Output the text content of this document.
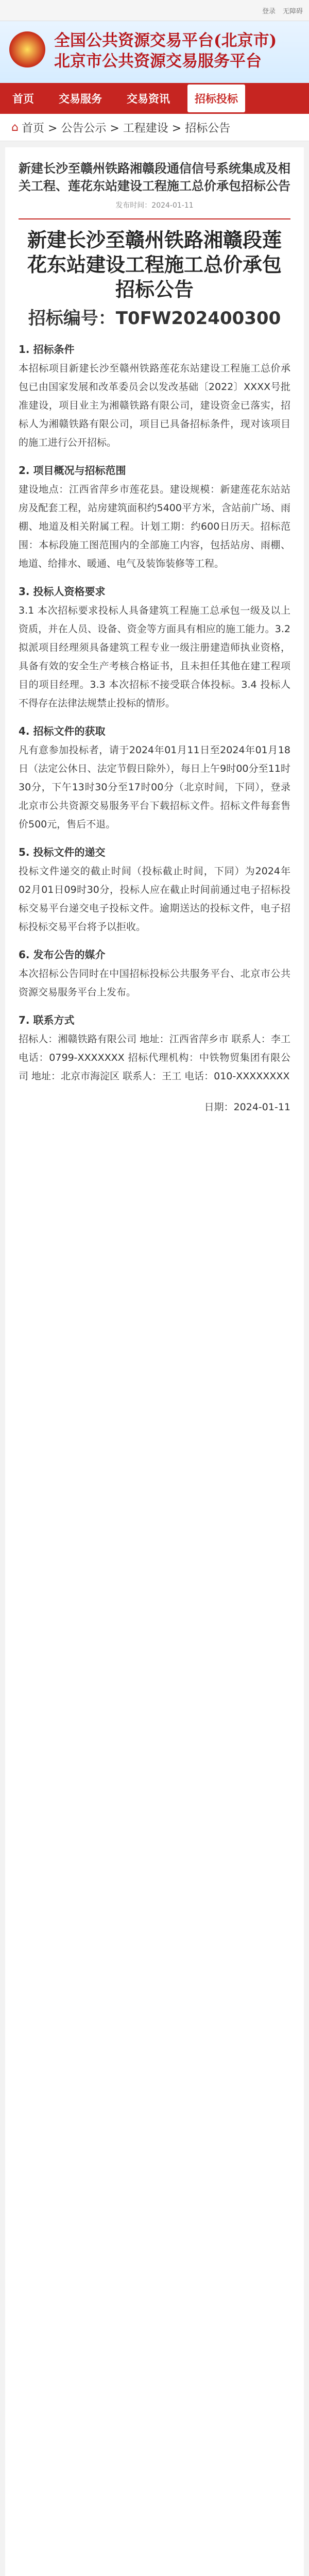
登录 无障碍
全国公共资源交易平台(北京市)
北京市公共资源交易服务平台
首页	交易服务	交易资讯	招标投标
⌂ 首页 > 公告公示 > 工程建设 > 招标公告
新建长沙至赣州铁路湘赣段通信信号系统集成及相关工程、莲花东站建设工程施工总价承包招标公告
发布时间：2024-01-11
新建长沙至赣州铁路湘赣段莲花东站建设工程施工总价承包招标公告
招标编号：T0FW202400300
1. 招标条件

本招标项目新建长沙至赣州铁路莲花东站建设工程施工总价承包已由国家发展和改革委员会以发改基础〔2022〕XXXX号批准建设，项目业主为湘赣铁路有限公司，建设资金已落实，招标人为湘赣铁路有限公司，项目已具备招标条件，现对该项目的施工进行公开招标。

2. 项目概况与招标范围

建设地点：江西省萍乡市莲花县。建设规模：新建莲花东站站房及配套工程，站房建筑面积约5400平方米，含站前广场、雨棚、地道及相关附属工程。计划工期：约600日历天。招标范围：本标段施工图范围内的全部施工内容，包括站房、雨棚、地道、给排水、暖通、电气及装饰装修等工程。

3. 投标人资格要求

3.1 本次招标要求投标人具备建筑工程施工总承包一级及以上资质，并在人员、设备、资金等方面具有相应的施工能力。3.2 拟派项目经理须具备建筑工程专业一级注册建造师执业资格，具备有效的安全生产考核合格证书，且未担任其他在建工程项目的项目经理。3.3 本次招标不接受联合体投标。3.4 投标人不得存在法律法规禁止投标的情形。

4. 招标文件的获取

凡有意参加投标者，请于2024年01月11日至2024年01月18日（法定公休日、法定节假日除外），每日上午9时00分至11时30分，下午13时30分至17时00分（北京时间，下同），登录北京市公共资源交易服务平台下载招标文件。招标文件每套售价500元，售后不退。

5. 投标文件的递交

投标文件递交的截止时间（投标截止时间，下同）为2024年02月01日09时30分，投标人应在截止时间前通过电子招标投标交易平台递交电子投标文件。逾期送达的投标文件，电子招标投标交易平台将予以拒收。

6. 发布公告的媒介

本次招标公告同时在中国招标投标公共服务平台、北京市公共资源交易服务平台上发布。

7. 联系方式

招标人：湘赣铁路有限公司 地址：江西省萍乡市 联系人：李工 电话：0799-XXXXXXX 招标代理机构：中铁物贸集团有限公司 地址：北京市海淀区 联系人：王工 电话：010-XXXXXXXX

日期：2024-01-11
